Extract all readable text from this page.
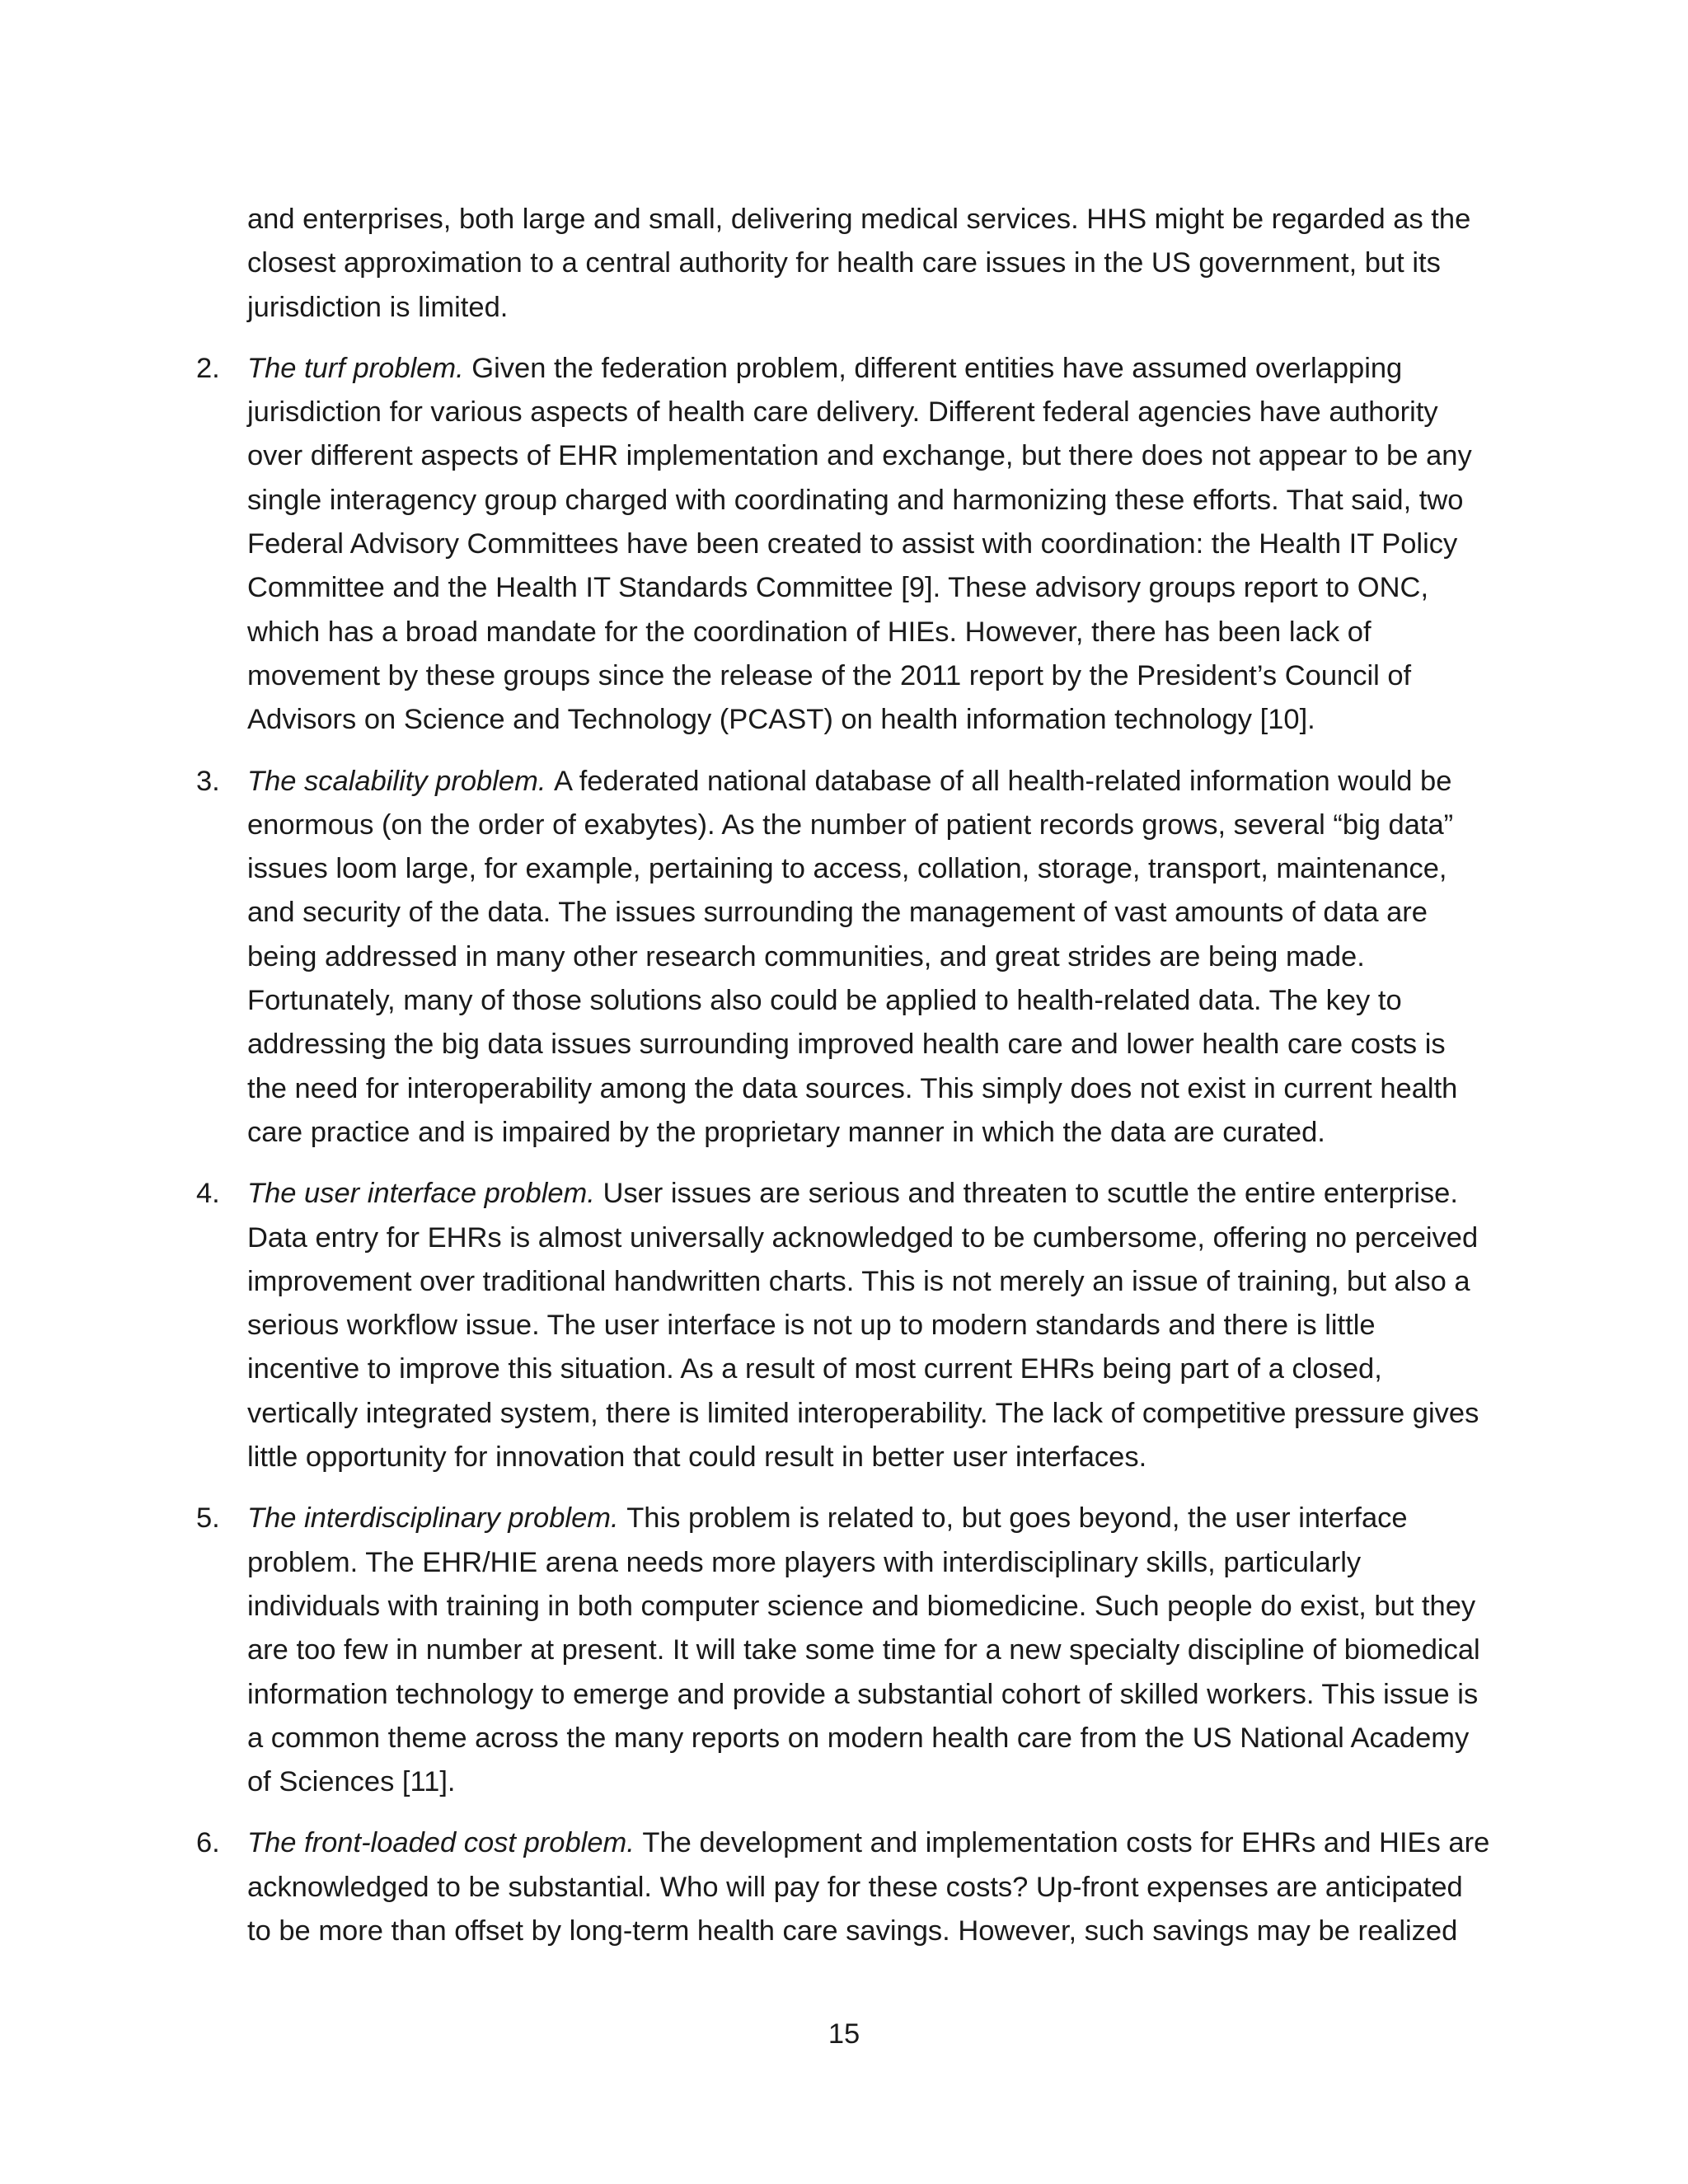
and enterprises, both large and small, delivering medical services. HHS might be regarded as the closest approximation to a central authority for health care issues in the US government, but its jurisdiction is limited.

2. The turf problem. Given the federation problem, different entities have assumed overlapping jurisdiction for various aspects of health care delivery. Different federal agencies have authority over different aspects of EHR implementation and exchange, but there does not appear to be any single interagency group charged with coordinating and harmonizing these efforts. That said, two Federal Advisory Committees have been created to assist with coordination: the Health IT Policy Committee and the Health IT Standards Committee [9]. These advisory groups report to ONC, which has a broad mandate for the coordination of HIEs. However, there has been lack of movement by these groups since the release of the 2011 report by the President’s Council of Advisors on Science and Technology (PCAST) on health information technology [10].
3. The scalability problem. A federated national database of all health-related information would be enormous (on the order of exabytes). As the number of patient records grows, several “big data” issues loom large, for example, pertaining to access, collation, storage, transport, maintenance, and security of the data. The issues surrounding the management of vast amounts of data are being addressed in many other research communities, and great strides are being made. Fortunately, many of those solutions also could be applied to health-related data. The key to addressing the big data issues surrounding improved health care and lower health care costs is the need for interoperability among the data sources. This simply does not exist in current health care practice and is impaired by the proprietary manner in which the data are curated.
4. The user interface problem. User issues are serious and threaten to scuttle the entire enterprise. Data entry for EHRs is almost universally acknowledged to be cumbersome, offering no perceived improvement over traditional handwritten charts. This is not merely an issue of training, but also a serious workflow issue. The user interface is not up to modern standards and there is little incentive to improve this situation. As a result of most current EHRs being part of a closed, vertically integrated system, there is limited interoperability. The lack of competitive pressure gives little opportunity for innovation that could result in better user interfaces.
5. The interdisciplinary problem. This problem is related to, but goes beyond, the user interface problem. The EHR/HIE arena needs more players with interdisciplinary skills, particularly individuals with training in both computer science and biomedicine. Such people do exist, but they are too few in number at present. It will take some time for a new specialty discipline of biomedical information technology to emerge and provide a substantial cohort of skilled workers. This issue is a common theme across the many reports on modern health care from the US National Academy of Sciences [11].
6. The front-loaded cost problem. The development and implementation costs for EHRs and HIEs are acknowledged to be substantial. Who will pay for these costs? Up-front expenses are anticipated to be more than offset by long-term health care savings. However, such savings may be realized
15
